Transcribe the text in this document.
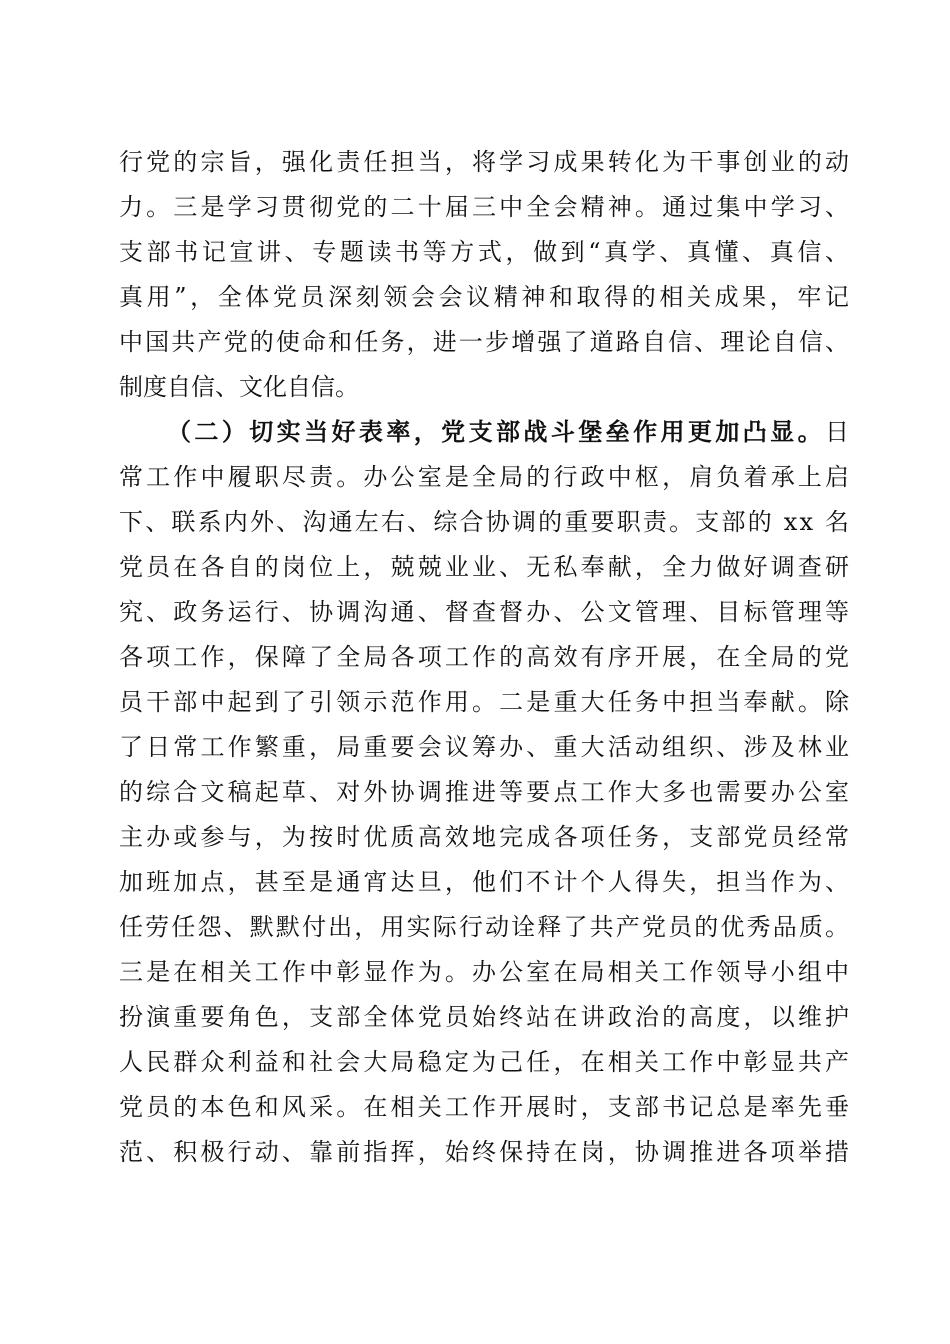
行党的宗旨，强化责任担当，将学习成果转化为干事创业的动
力。三是学习贯彻党的二十届三中全会精神。通过集中学习、
支部书记宣讲、专题读书等方式，做到“真学、真懂、真信、
真用”，全体党员深刻领会会议精神和取得的相关成果，牢记
中国共产党的使命和任务，进一步增强了道路自信、理论自信、
制度自信、文化自信。
（二）切实当好表率，党支部战斗堡垒作用更加凸显。日
常工作中履职尽责。办公室是全局的行政中枢，肩负着承上启
下、联系内外、沟通左右、综合协调的重要职责。支部的 xx 名
党员在各自的岗位上，兢兢业业、无私奉献，全力做好调查研
究、政务运行、协调沟通、督查督办、公文管理、目标管理等
各项工作，保障了全局各项工作的高效有序开展，在全局的党
员干部中起到了引领示范作用。二是重大任务中担当奉献。除
了日常工作繁重，局重要会议筹办、重大活动组织、涉及林业
的综合文稿起草、对外协调推进等要点工作大多也需要办公室
主办或参与，为按时优质高效地完成各项任务，支部党员经常
加班加点，甚至是通宵达旦，他们不计个人得失，担当作为、
任劳任怨、默默付出，用实际行动诠释了共产党员的优秀品质。
三是在相关工作中彰显作为。办公室在局相关工作领导小组中
扮演重要角色，支部全体党员始终站在讲政治的高度，以维护
人民群众利益和社会大局稳定为己任，在相关工作中彰显共产
党员的本色和风采。在相关工作开展时，支部书记总是率先垂
范、积极行动、靠前指挥，始终保持在岗，协调推进各项举措
